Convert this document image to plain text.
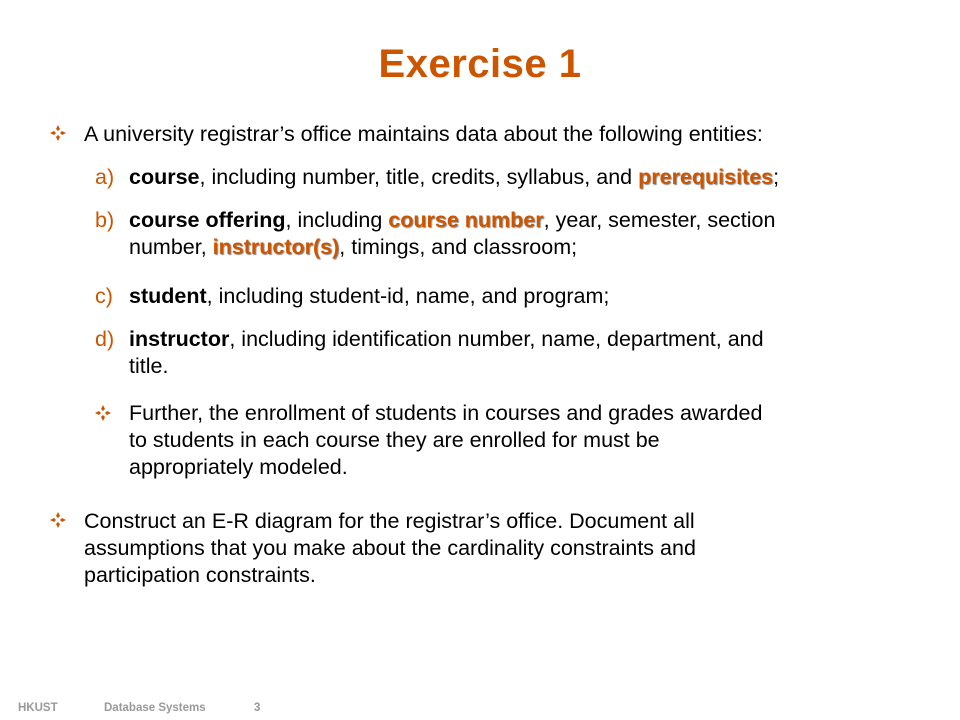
Exercise 1
A university registrar’s office maintains data about the following entities:
a) course, including number, title, credits, syllabus, and prerequisites;
b) course offering, including course number, year, semester, section
number, instructor(s), timings, and classroom;
c) student, including student-id, name, and program;
d) instructor, including identification number, name, department, and
title.
Further, the enrollment of students in courses and grades awarded
to students in each course they are enrolled for must be
appropriately modeled.
Construct an E-R diagram for the registrar’s office. Document all
assumptions that you make about the cardinality constraints and
participation constraints.
HKUST	Database Systems	3
